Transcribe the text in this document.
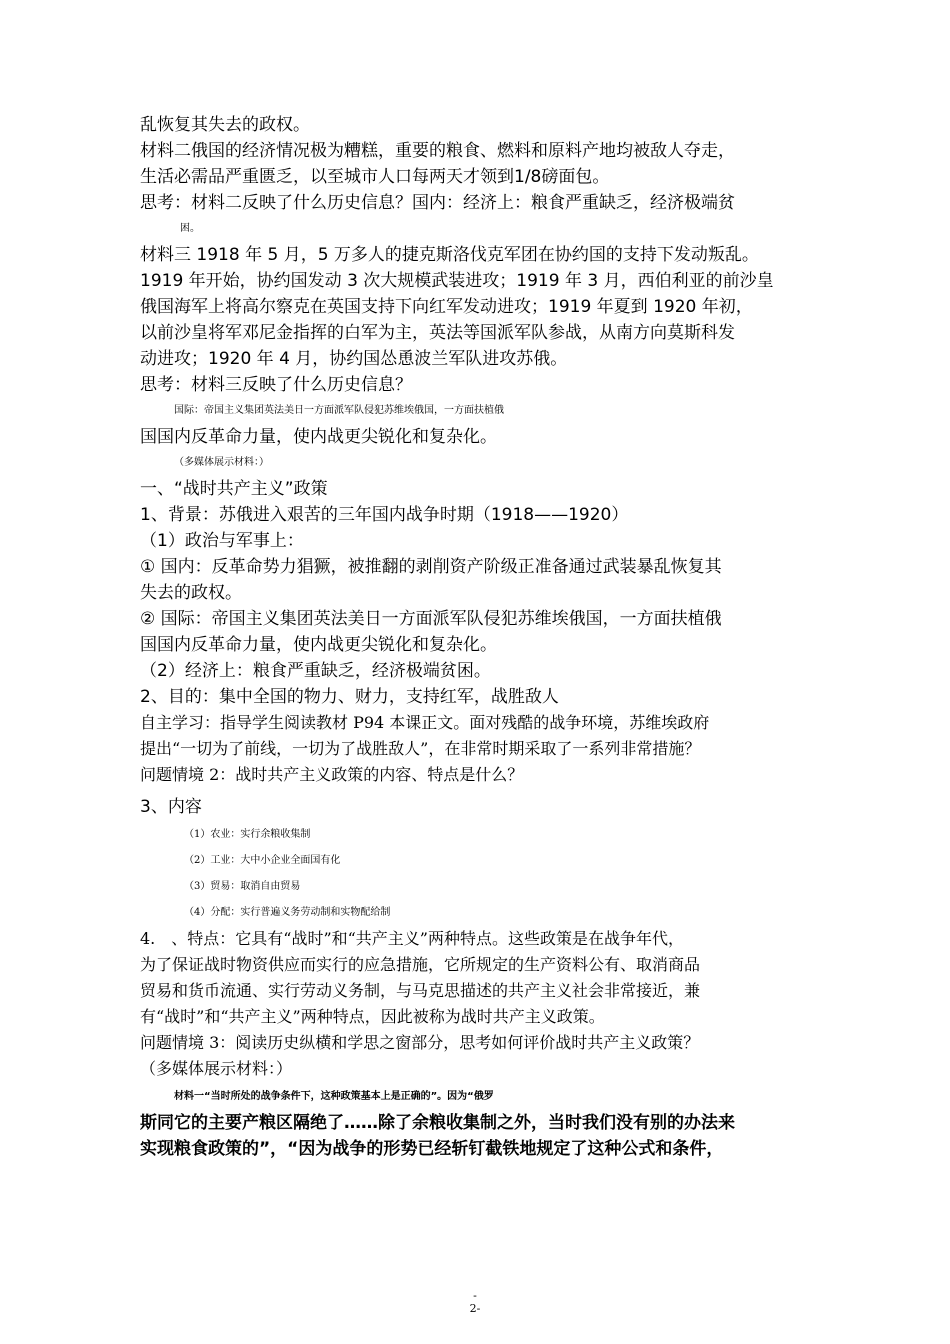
乱恢复其失去的政权。
材料二俄国的经济情况极为糟糕，重要的粮食、燃料和原料产地均被敌人夺走，
生活必需品严重匮乏，以至城市人口每两天才领到1/8磅面包。
思考：材料二反映了什么历史信息？国内：经济上：粮食严重缺乏，经济极端贫
困。
材料三 1918 年 5 月，5 万多人的捷克斯洛伐克军团在协约国的支持下发动叛乱。
1919 年开始，协约国发动 3 次大规模武装进攻；1919 年 3 月，西伯利亚的前沙皇
俄国海军上将高尔察克在英国支持下向红军发动进攻；1919 年夏到 1920 年初，
以前沙皇将军邓尼金指挥的白军为主，英法等国派军队参战，从南方向莫斯科发
动进攻；1920 年 4 月，协约国怂恿波兰军队进攻苏俄。
思考：材料三反映了什么历史信息？
国际：帝国主义集团英法美日一方面派军队侵犯苏维埃俄国，一方面扶植俄
国国内反革命力量，使内战更尖锐化和复杂化。
（多媒体展示材料：）
一、“战时共产主义”政策
1、背景：苏俄进入艰苦的三年国内战争时期（1918——1920）
（1）政治与军事上：
① 国内：反革命势力猖獗，被推翻的剥削资产阶级正准备通过武装暴乱恢复其
失去的政权。
② 国际：帝国主义集团英法美日一方面派军队侵犯苏维埃俄国，一方面扶植俄
国国内反革命力量，使内战更尖锐化和复杂化。
（2）经济上：粮食严重缺乏，经济极端贫困。
2、目的：集中全国的物力、财力，支持红军，战胜敌人
自主学习：指导学生阅读教材 P94 本课正文。面对残酷的战争环境，苏维埃政府
提出“一切为了前线，一切为了战胜敌人”，在非常时期采取了一系列非常措施？
问题情境 2：战时共产主义政策的内容、特点是什么？
3、内容
（1）农业：实行余粮收集制
（2）工业：大中小企业全面国有化
（3）贸易：取消自由贸易
（4）分配：实行普遍义务劳动制和实物配给制
4.　、特点：它具有“战时”和“共产主义”两种特点。这些政策是在战争年代，
为了保证战时物资供应而实行的应急措施，它所规定的生产资料公有、取消商品
贸易和货币流通、实行劳动义务制，与马克思描述的共产主义社会非常接近，兼
有“战时”和“共产主义”两种特点，因此被称为战时共产主义政策。
问题情境 3：阅读历史纵横和学思之窗部分，思考如何评价战时共产主义政策？
（多媒体展示材料：）
材料一“当时所处的战争条件下，这种政策基本上是正确的”。因为“俄罗
斯同它的主要产粮区隔绝了……除了余粮收集制之外，当时我们没有别的办法来
实现粮食政策的”，“因为战争的形势已经斩钉截铁地规定了这种公式和条件，
-
2-
